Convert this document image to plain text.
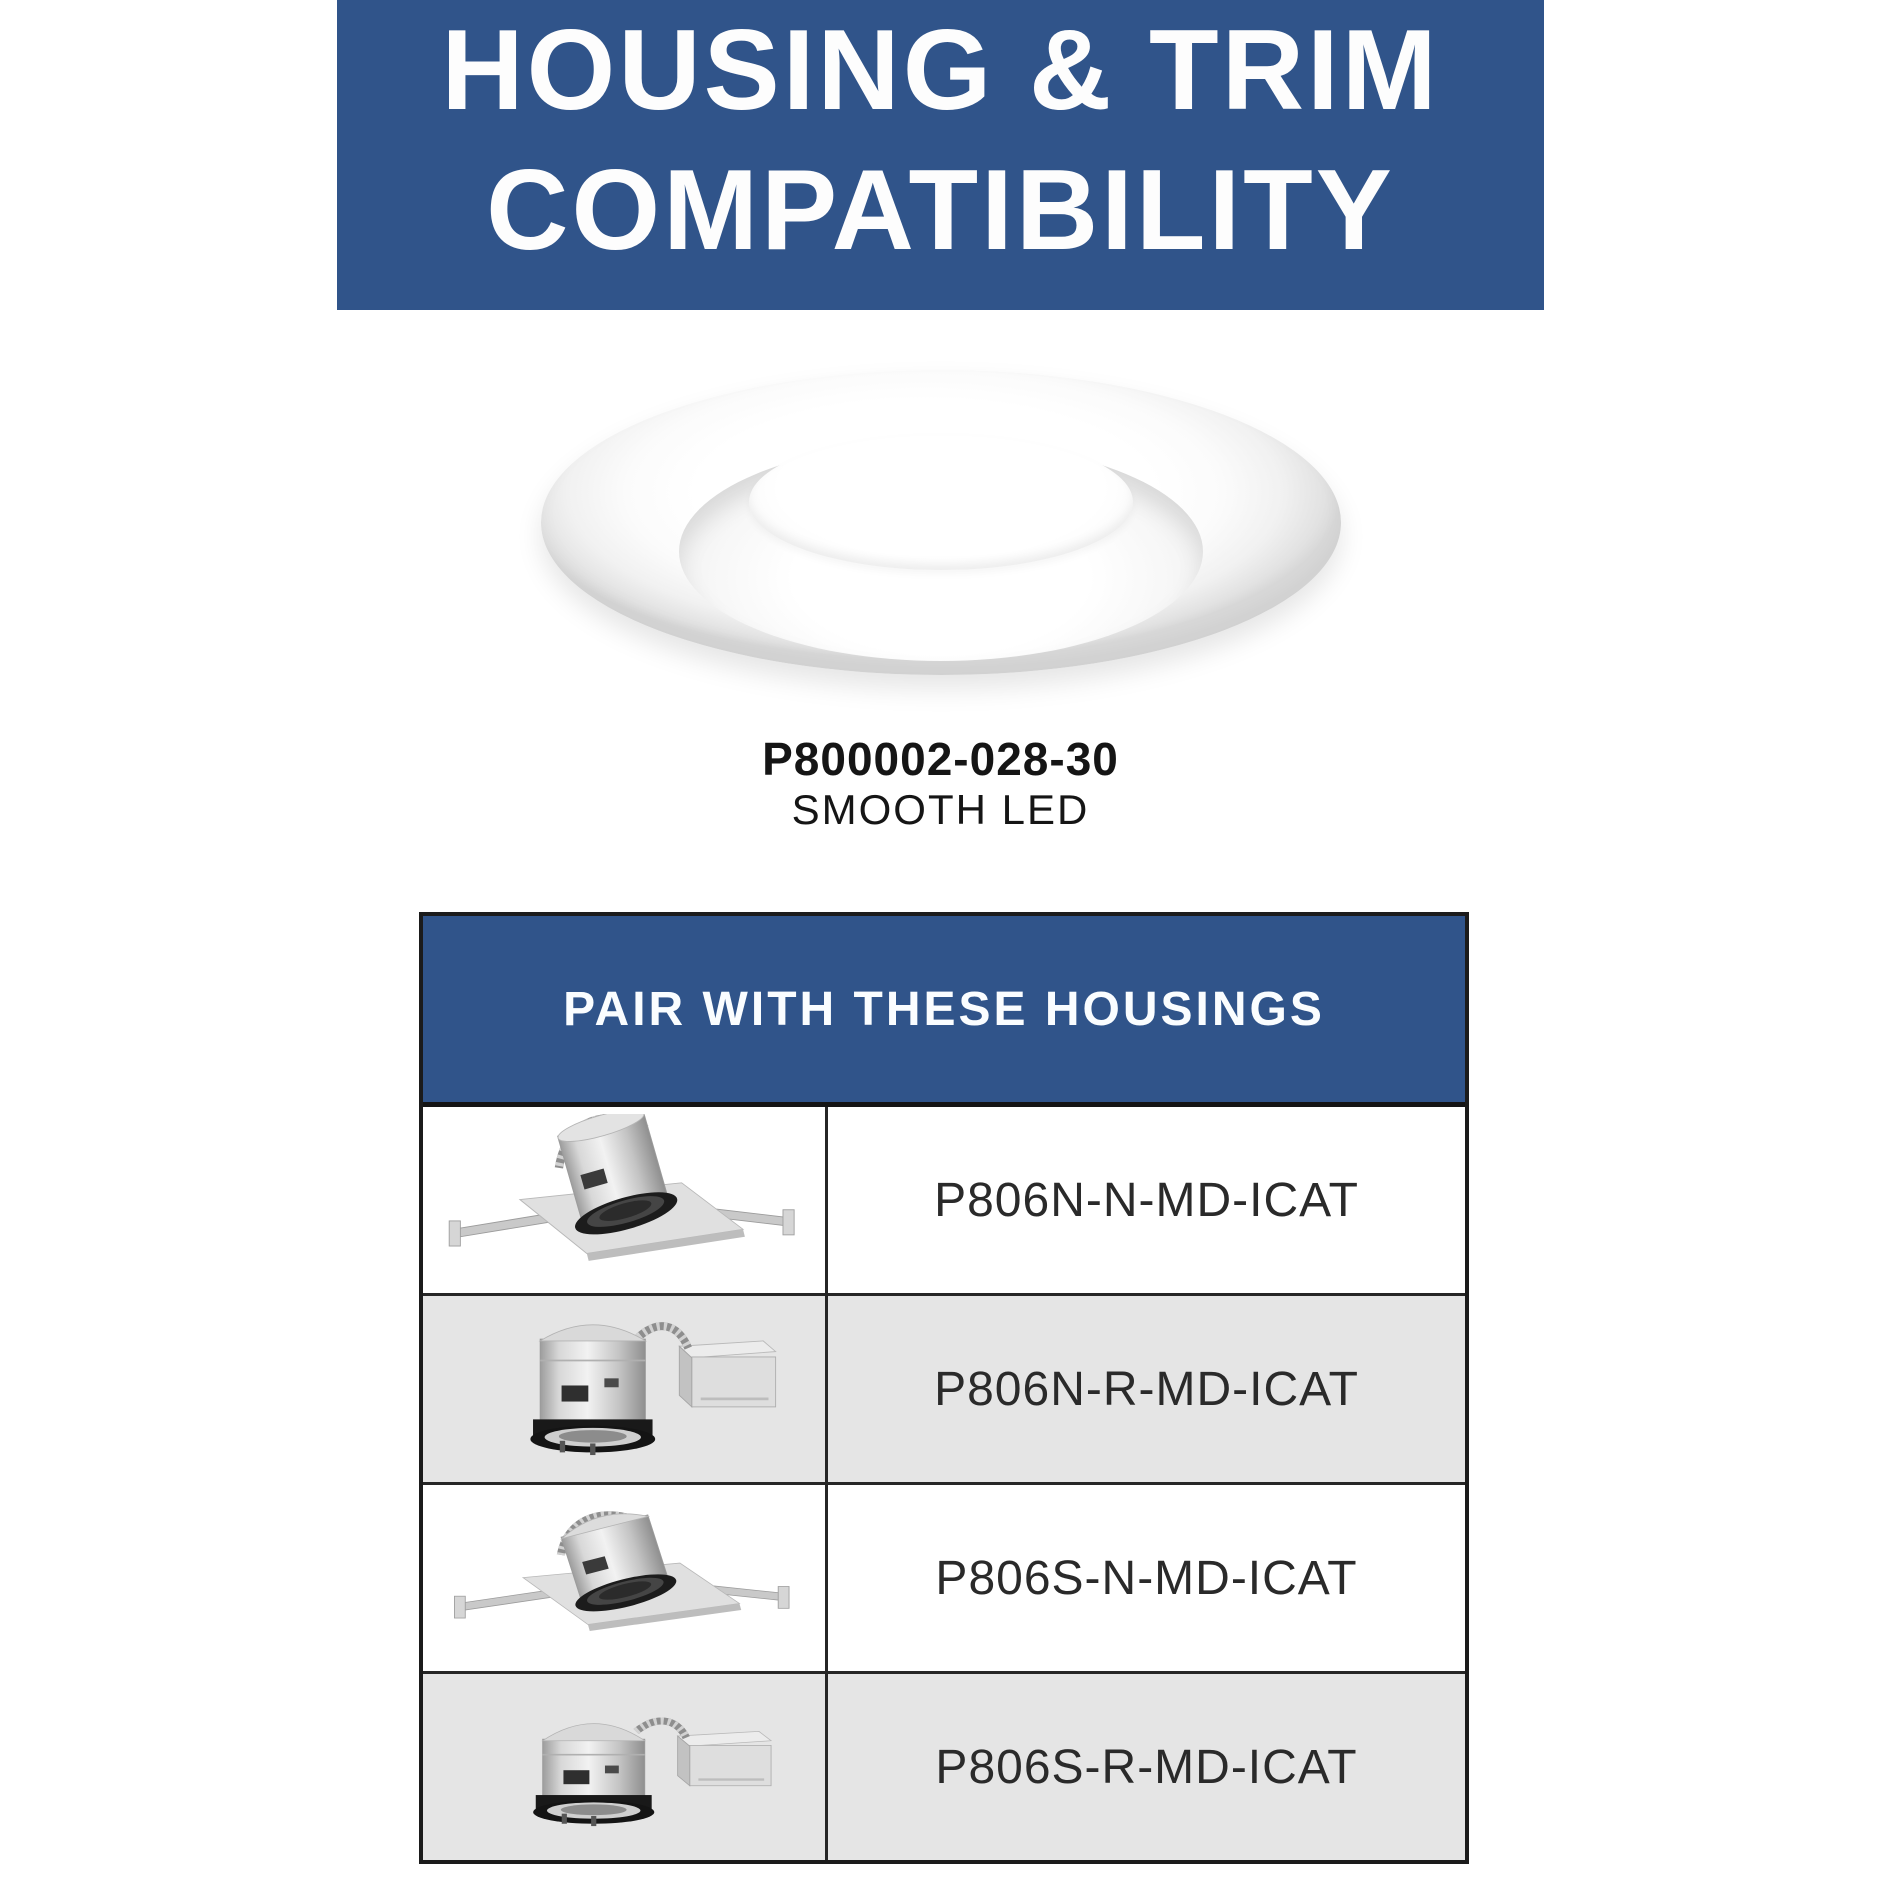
HOUSING & TRIM
COMPATIBILITY
P800002-028-30
SMOOTH LED
PAIR WITH THESE HOUSINGS
P806N-N-MD-ICAT
P806N-R-MD-ICAT
P806S-N-MD-ICAT
P806S-R-MD-ICAT
